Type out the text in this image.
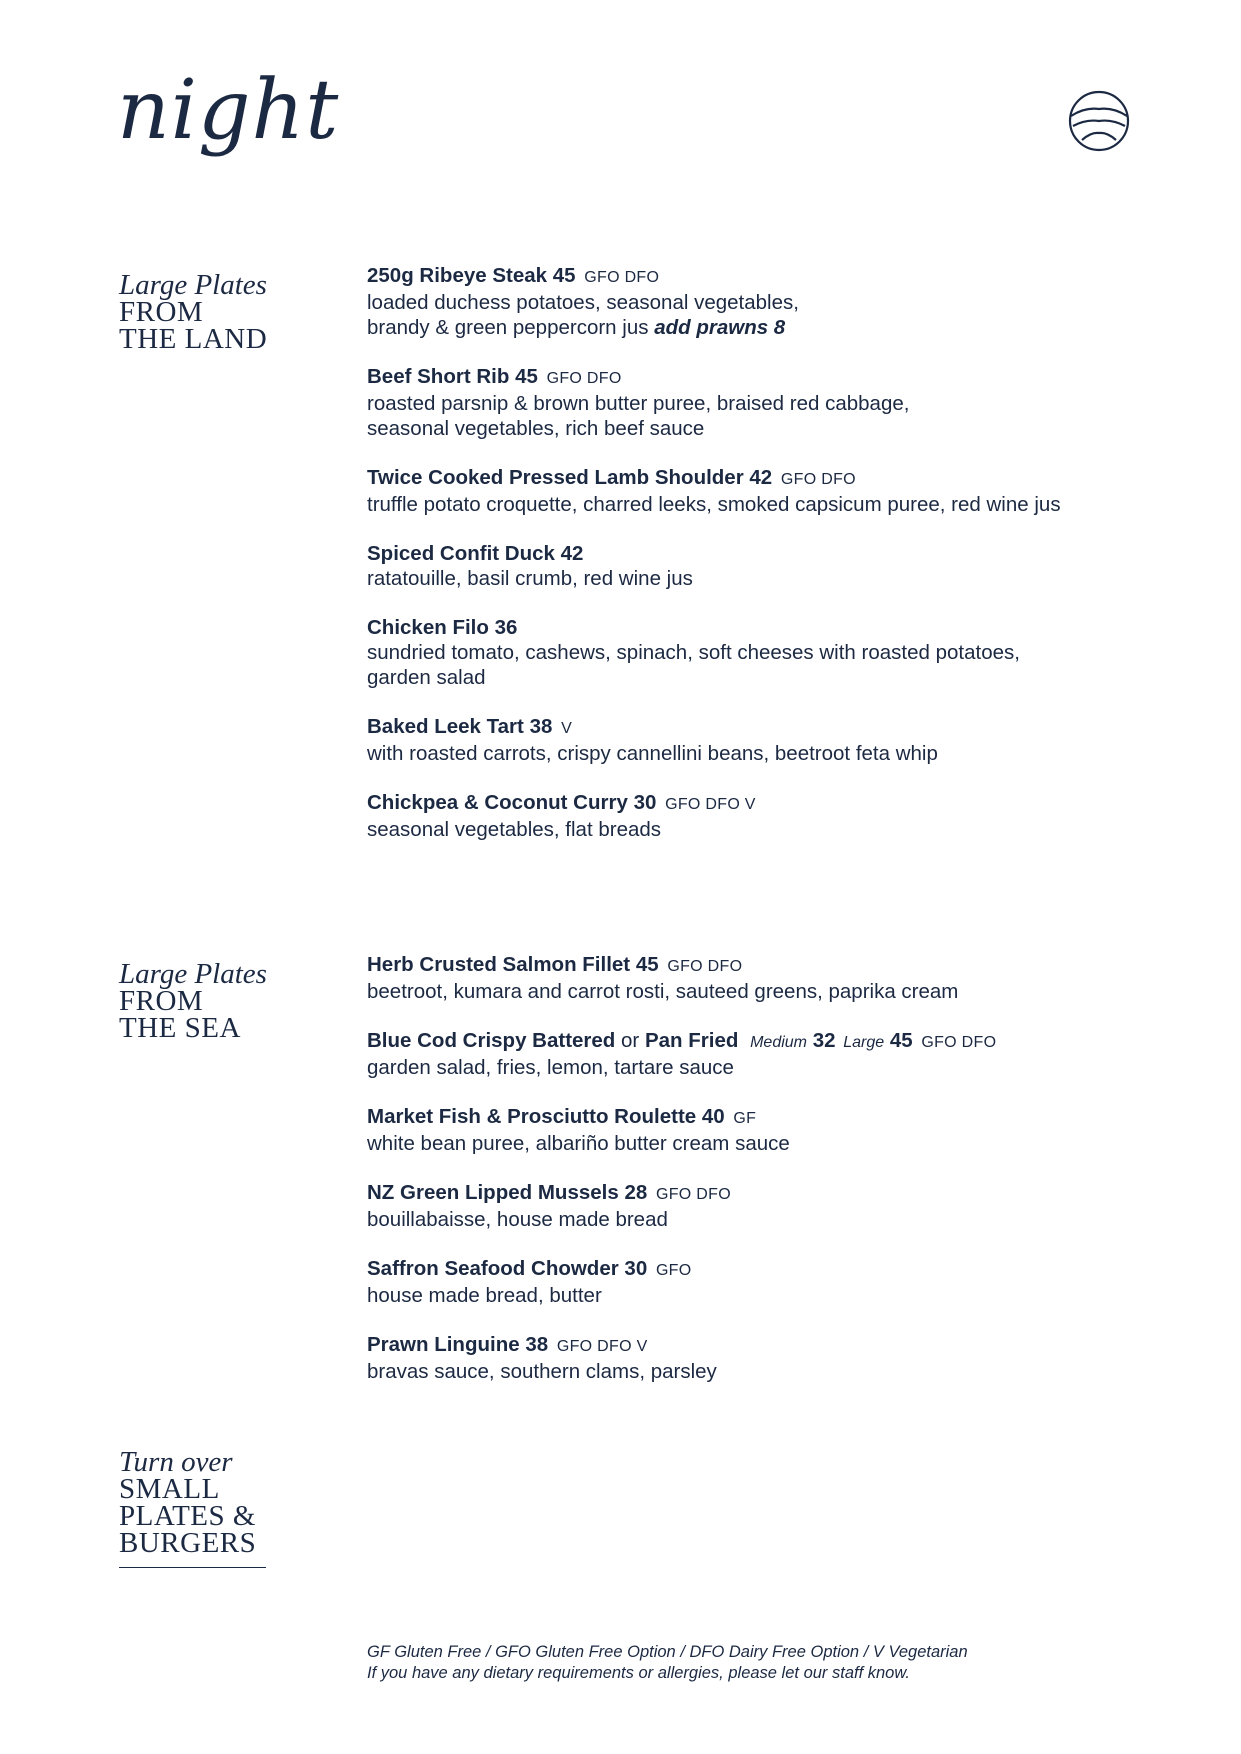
night
Large Plates
FROM
THE LAND
250g Ribeye Steak 45 GFO DFO
loaded duchess potatoes, seasonal vegetables,
brandy & green peppercorn jus add prawns 8
Beef Short Rib 45 GFO DFO
roasted parsnip & brown butter puree, braised red cabbage,
seasonal vegetables, rich beef sauce
Twice Cooked Pressed Lamb Shoulder 42 GFO DFO
truffle potato croquette, charred leeks, smoked capsicum puree, red wine jus
Spiced Confit Duck 42
ratatouille, basil crumb, red wine jus
Chicken Filo 36
sundried tomato, cashews, spinach, soft cheeses with roasted potatoes,
garden salad
Baked Leek Tart 38 V
with roasted carrots, crispy cannellini beans, beetroot feta whip
Chickpea & Coconut Curry 30 GFO DFO V
seasonal vegetables, flat breads
Large Plates
FROM
THE SEA
Herb Crusted Salmon Fillet 45 GFO DFO
beetroot, kumara and carrot rosti, sauteed greens, paprika cream
Blue Cod Crispy Battered or Pan Fried Medium 32 Large 45 GFO DFO
garden salad, fries, lemon, tartare sauce
Market Fish & Prosciutto Roulette 40 GF
white bean puree, albariño butter cream sauce
NZ Green Lipped Mussels 28 GFO DFO
bouillabaisse, house made bread
Saffron Seafood Chowder 30 GFO
house made bread, butter
Prawn Linguine 38 GFO DFO V
bravas sauce, southern clams, parsley
Turn over
SMALL
PLATES &
BURGERS
GF Gluten Free / GFO Gluten Free Option / DFO Dairy Free Option / V Vegetarian
If you have any dietary requirements or allergies, please let our staff know.
